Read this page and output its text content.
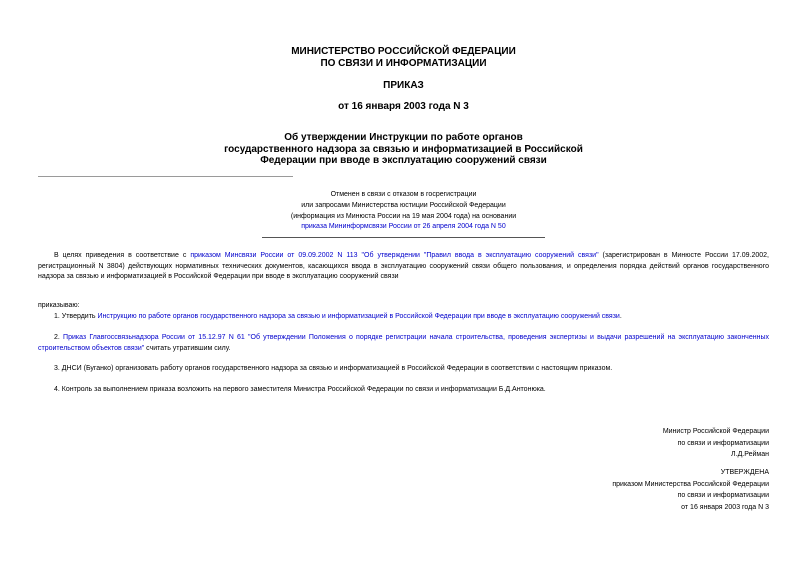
МИНИСТЕРСТВО РОССИЙСКОЙ ФЕДЕРАЦИИ
ПО СВЯЗИ И ИНФОРМАТИЗАЦИИ
ПРИКАЗ
от 16 января 2003 года N 3
Об утверждении Инструкции по работе органов
государственного надзора за связью и информатизацией в Российской
Федерации при вводе в эксплуатацию сооружений связи
Отменен в связи с отказом в госрегистрации
или запросами Министерства юстиции Российской Федерации
(информация из Минюста России на 19 мая 2004 года) на основании
приказа Мининформсвязи России от 26 апреля 2004 года N 50
В целях приведения в соответствие с приказом Минсвязи России от 09.09.2002 N 113 "Об утверждении "Правил ввода в эксплуатацию сооружений связи" (зарегистрирован в Минюсте России 17.09.2002, регистрационный N 3804) действующих нормативных технических документов, касающихся ввода в эксплуатацию сооружений связи общего пользования, и определения порядка действий органов государственного надзора за связью и информатизацией в Российской Федерации при вводе в эксплуатацию сооружений связи
приказываю:
1. Утвердить Инструкцию по работе органов государственного надзора за связью и информатизацией в Российской Федерации при вводе в эксплуатацию сооружений связи.
2. Приказ Главгоссвязьнадзора России от 15.12.97 N 61 "Об утверждении Положения о порядке регистрации начала строительства, проведения экспертизы и выдачи разрешений на эксплуатацию законченных строительством объектов связи" считать утратившим силу.
3. ДНСИ (Буганко) организовать работу органов государственного надзора за связью и информатизацией в Российской Федерации в соответствии с настоящим приказом.
4. Контроль за выполнением приказа возложить на первого заместителя Министра Российской Федерации по связи и информатизации Б.Д.Антонюка.
Министр Российской Федерации
по связи и информатизации
Л.Д.Рейман
УТВЕРЖДЕНА
приказом Министерства Российской Федерации
по связи и информатизации
от 16 января 2003 года N 3
